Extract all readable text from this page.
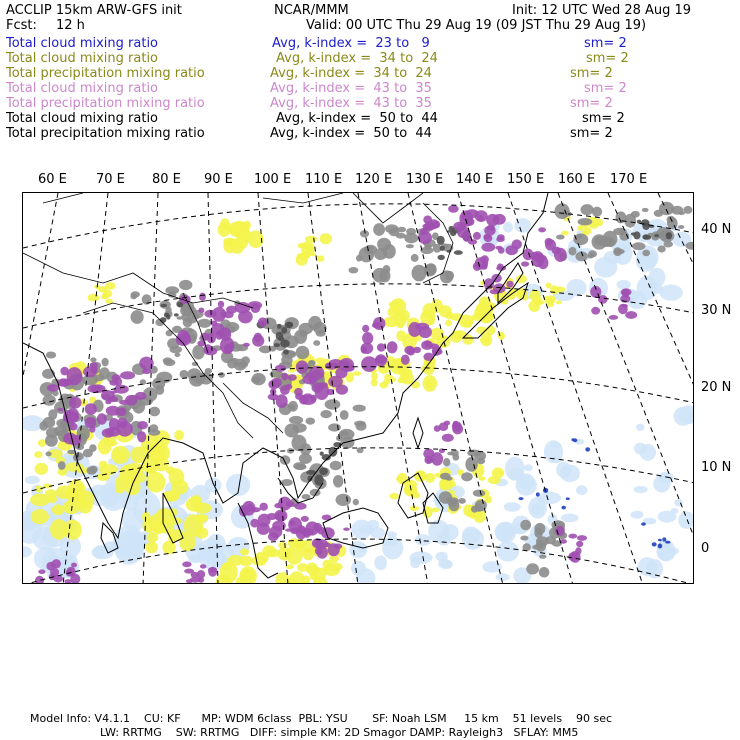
ACCLIP 15km ARW-GFS init	NCAR/MMM	Init: 12 UTC Wed 28 Aug 19
Fcst: 12 h	Valid: 00 UTC Thu 29 Aug 19 (09 JST Thu 29 Aug 19)
Total cloud mixing ratio	Avg, k-index =  23 to   9	sm= 2
Total cloud mixing ratio	Avg, k-index =  34 to  24	sm= 2
Total precipitation mixing ratio	Avg, k-index =  34 to  24	sm= 2
Total cloud mixing ratio	Avg, k-index =  43 to  35	sm= 2
Total precipitation mixing ratio	Avg, k-index =  43 to  35	sm= 2
Total cloud mixing ratio	Avg, k-index =  50 to  44	sm= 2
Total precipitation mixing ratio	Avg, k-index =  50 to  44	sm= 2
60 E 70 E 80 E 90 E 100 E 110 E 120 E 130 E 140 E 150 E 160 E 170 E
40 N
30 N
20 N
10 N
0
Model Info: V4.1.1    CU: KF      MP: WDM 6class  PBL: YSU       SF: Noah LSM     15 km    51 levels    90 sec
LW: RRTMG    SW: RRTMG   DIFF: simple KM: 2D Smagor DAMP: Rayleigh3   SFLAY: MM5
